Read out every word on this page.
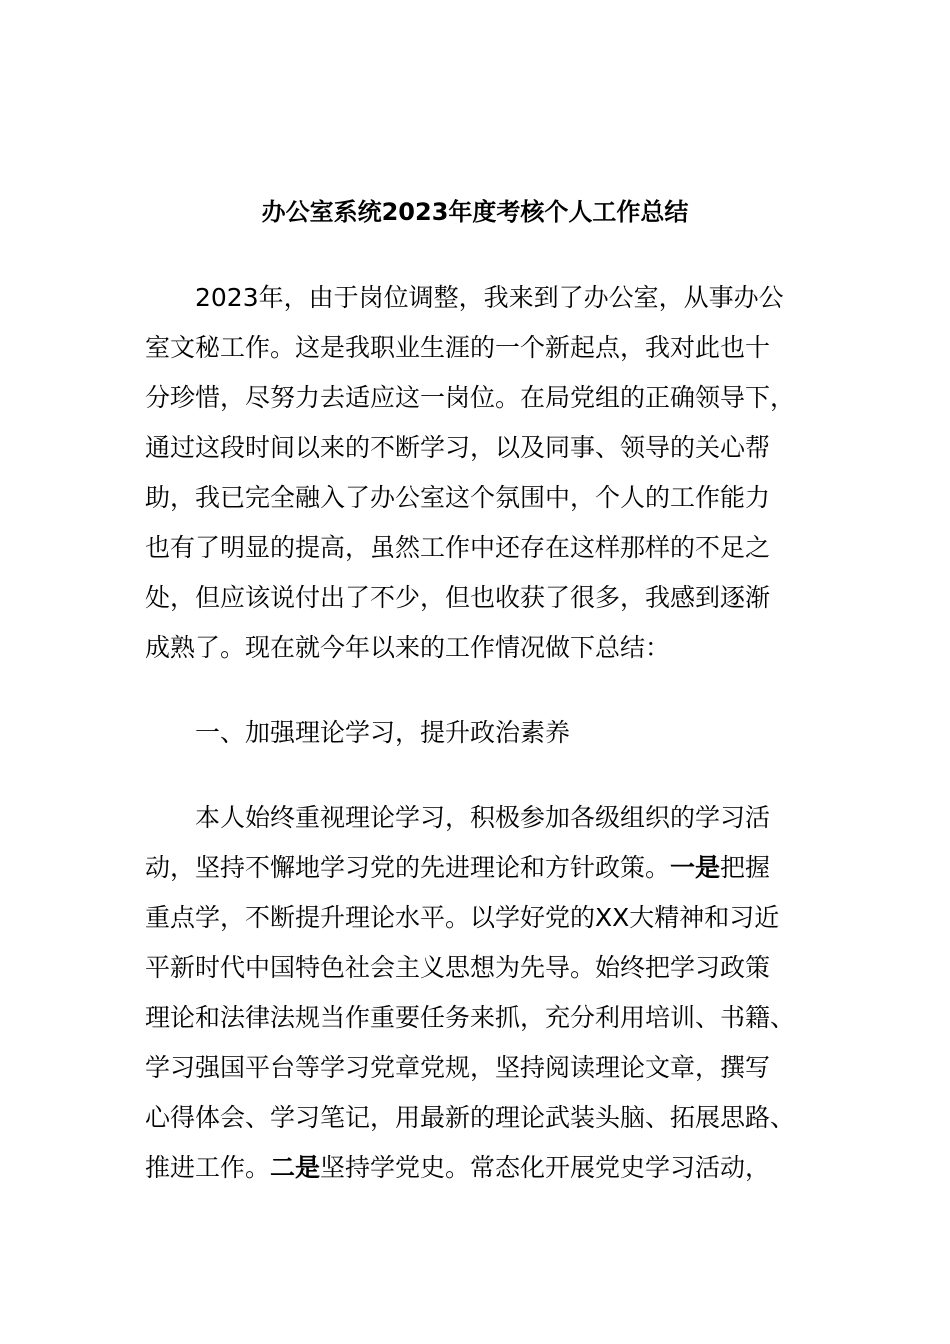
办公室系统2023年度考核个人工作总结
2023年，由于岗位调整，我来到了办公室，从事办公
室文秘工作。这是我职业生涯的一个新起点，我对此也十
分珍惜，尽努力去适应这一岗位。在局党组的正确领导下，
通过这段时间以来的不断学习，以及同事、领导的关心帮
助，我已完全融入了办公室这个氛围中，个人的工作能力
也有了明显的提高，虽然工作中还存在这样那样的不足之
处，但应该说付出了不少，但也收获了很多，我感到逐渐
成熟了。现在就今年以来的工作情况做下总结：
一、加强理论学习，提升政治素养
本人始终重视理论学习，积极参加各级组织的学习活
动，坚持不懈地学习党的先进理论和方针政策。一是把握
重点学，不断提升理论水平。以学好党的XX大精神和习近
平新时代中国特色社会主义思想为先导。始终把学习政策
理论和法律法规当作重要任务来抓，充分利用培训、书籍、
学习强国平台等学习党章党规，坚持阅读理论文章，撰写
心得体会、学习笔记，用最新的理论武装头脑、拓展思路、
推进工作。二是坚持学党史。常态化开展党史学习活动，
